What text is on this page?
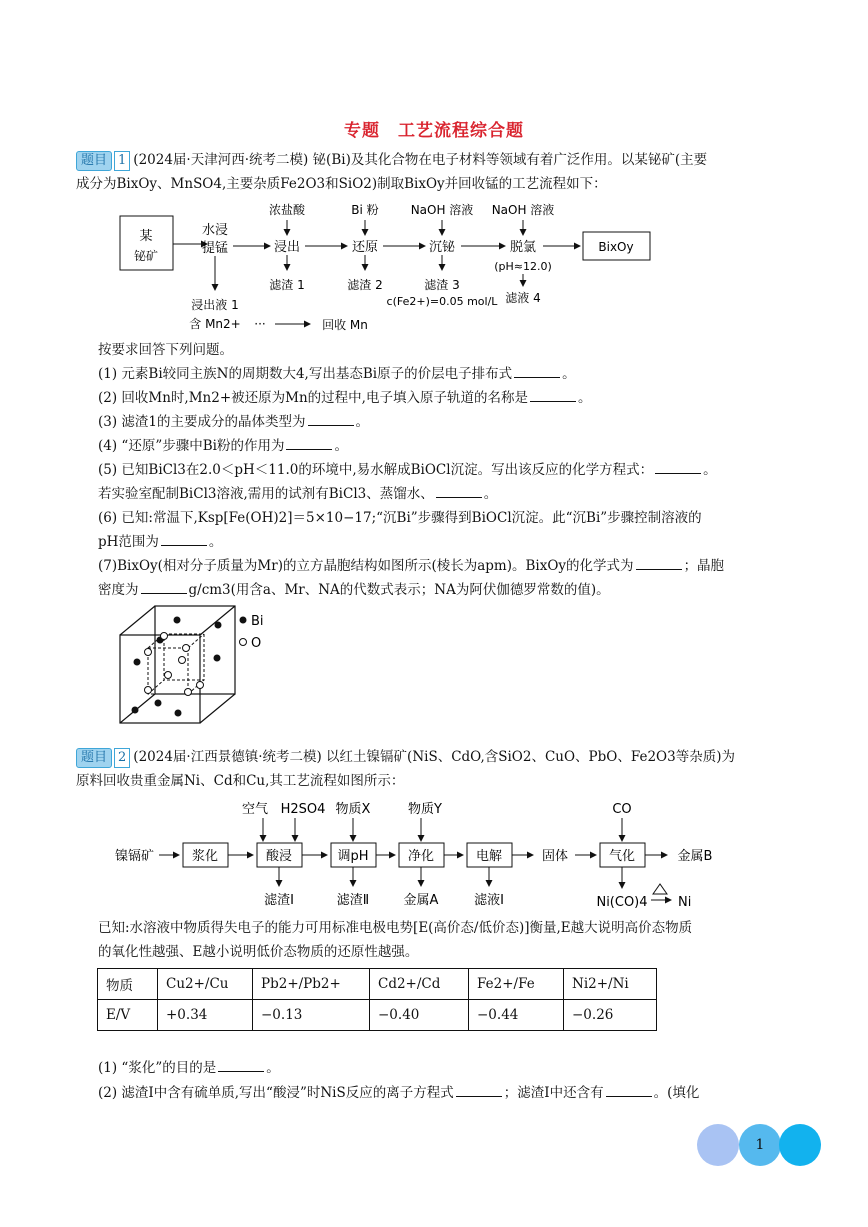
专题　工艺流程综合题
题目 1 (2024届·天津河西·统考二模) 铋(Bi)及其化合物在电子材料等领域有着广泛作用。以某铋矿(主要
成分为BixOy、MnSO4,主要杂质Fe2O3和SiO2)制取BixOy并回收锰的工艺流程如下：
某
铋矿
水浸
提锰	浸出
浓盐酸
滤渣 1
还原
Bi 粉
滤渣 2
沉铋
NaOH 溶液
滤渣 3
c(Fe2+)=0.05 mol/L
脱氯
NaOH 溶液
(pH≈12.0)
滤液 4
BixOy
浸出液 1
含 Mn2+ ···	回收 Mn
按要求回答下列问题。
(1) 元素Bi较同主族N的周期数大4,写出基态Bi原子的价层电子排布式	。
(2) 回收Mn时,Mn2+被还原为Mn的过程中,电子填入原子轨道的名称是	。
(3) 滤渣1的主要成分的晶体类型为	。
(4) “还原”步骤中Bi粉的作用为	。
(5) 已知BiCl3在2.0＜pH＜11.0的环境中,易水解成BiOCl沉淀。写出该反应的化学方程式：	。
若实验室配制BiCl3溶液,需用的试剂有BiCl3、蒸馏水、	。
(6) 已知:常温下,Ksp[Fe(OH)2]＝5×10−17;“沉Bi”步骤得到BiOCl沉淀。此“沉Bi”步骤控制溶液的
pH范围为	。
(7)BixOy(相对分子质量为Mr)的立方晶胞结构如图所示(棱长为apm)。BixOy的化学式为	；晶胞
密度为	g/cm3(用含a、Mr、NA的代数式表示；NA为阿伏伽德罗常数的值)。
Bi
O
题目 2 (2024届·江西景德镇·统考二模) 以红土镍镉矿(NiS、CdO,含SiO2、CuO、PbO、Fe2O3等杂质)为
原料回收贵重金属Ni、Cd和Cu,其工艺流程如图所示：
镍镉矿	浆化	酸浸
空气 H2SO4
滤渣Ⅰ
调pH
物质X
滤渣Ⅱ
净化
物质Y
金属A
电解
滤液Ⅰ
固体	气化
CO
金属B
Ni(CO)4 Ni
已知:水溶液中物质得失电子的能力可用标准电极电势[E(高价态/低价态)]衡量,E越大说明高价态物质
的氧化性越强、E越小说明低价态物质的还原性越强。
物质	Cu2+/Cu	Pb2+/Pb2+	Cd2+/Cd	Fe2+/Fe	Ni2+/Ni
E/V	+0.34	−0.13	−0.40	−0.44	−0.26
(1) “浆化”的目的是	。
(2) 滤渣Ⅰ中含有硫单质,写出“酸浸”时NiS反应的离子方程式	；滤渣Ⅰ中还含有	。(填化
1
